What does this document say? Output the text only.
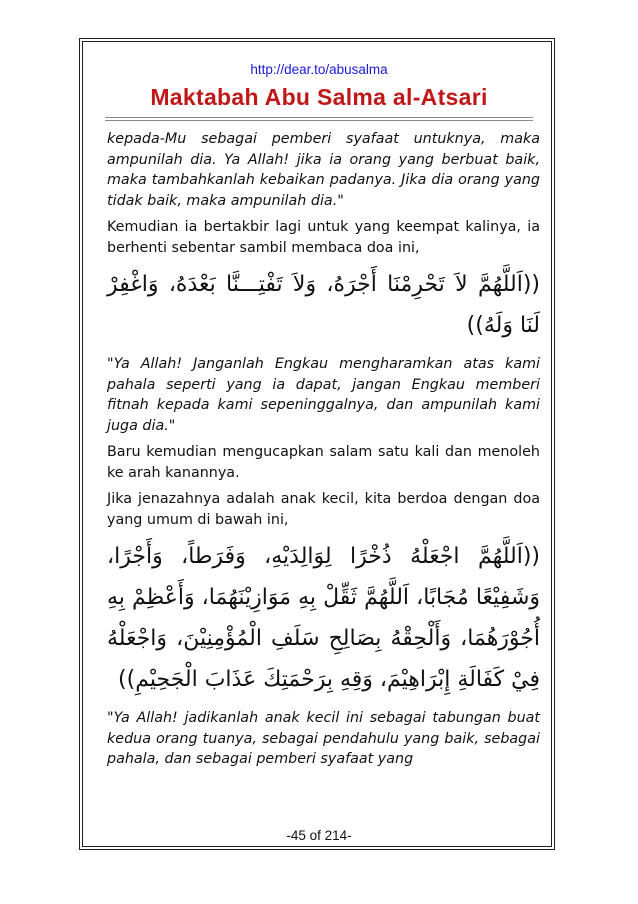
http://dear.to/abusalma
Maktabah Abu Salma al-Atsari

kepada-Mu sebagai pemberi syafaat untuknya, maka ampunilah dia. Ya Allah! jika ia orang yang berbuat baik, maka tambahkanlah kebaikan padanya. Jika dia orang yang tidak baik, maka ampunilah dia."

Kemudian ia bertakbir lagi untuk yang keempat kalinya, ia berhenti sebentar sambil membaca doa ini,

((اَللَّهُمَّ لاَ تَحْرِمْنَا أَجْرَهُ، وَلاَ تَفْتِـــنَّا بَعْدَهُ، وَاغْفِرْ لَنَا وَلَهُ))

"Ya Allah! Janganlah Engkau mengharamkan atas kami pahala seperti yang ia dapat, jangan Engkau memberi fitnah kepada kami sepeninggalnya, dan ampunilah kami juga dia."

Baru kemudian mengucapkan salam satu kali dan menoleh ke arah kanannya.

Jika jenazahnya adalah anak kecil, kita berdoa dengan doa yang umum di bawah ini,

((اَللَّهُمَّ اجْعَلْهُ ذُخْرًا لِوَالِدَيْهِ، وَفَرَطاً، وَأَجْرًا، وَشَفِيْعًا مُجَابًا، اَللَّهُمَّ ثَقِّلْ بِهِ مَوَازِيْنَهُمَا، وَأَعْظِمْ بِهِ أُجُوْرَهُمَا، وَأَلْحِقْهُ بِصَالِحِ سَلَفِ الْمُؤْمِنِيْنَ، وَاجْعَلْهُ فِيْ كَفَالَةِ إِبْرَاهِيْمَ، وَقِهِ بِرَحْمَتِكَ عَذَابَ الْجَحِيْمِ))

"Ya Allah! jadikanlah anak kecil ini sebagai tabungan buat kedua orang tuanya, sebagai pendahulu yang baik, sebagai pahala, dan sebagai pemberi syafaat yang

-45 of 214-
